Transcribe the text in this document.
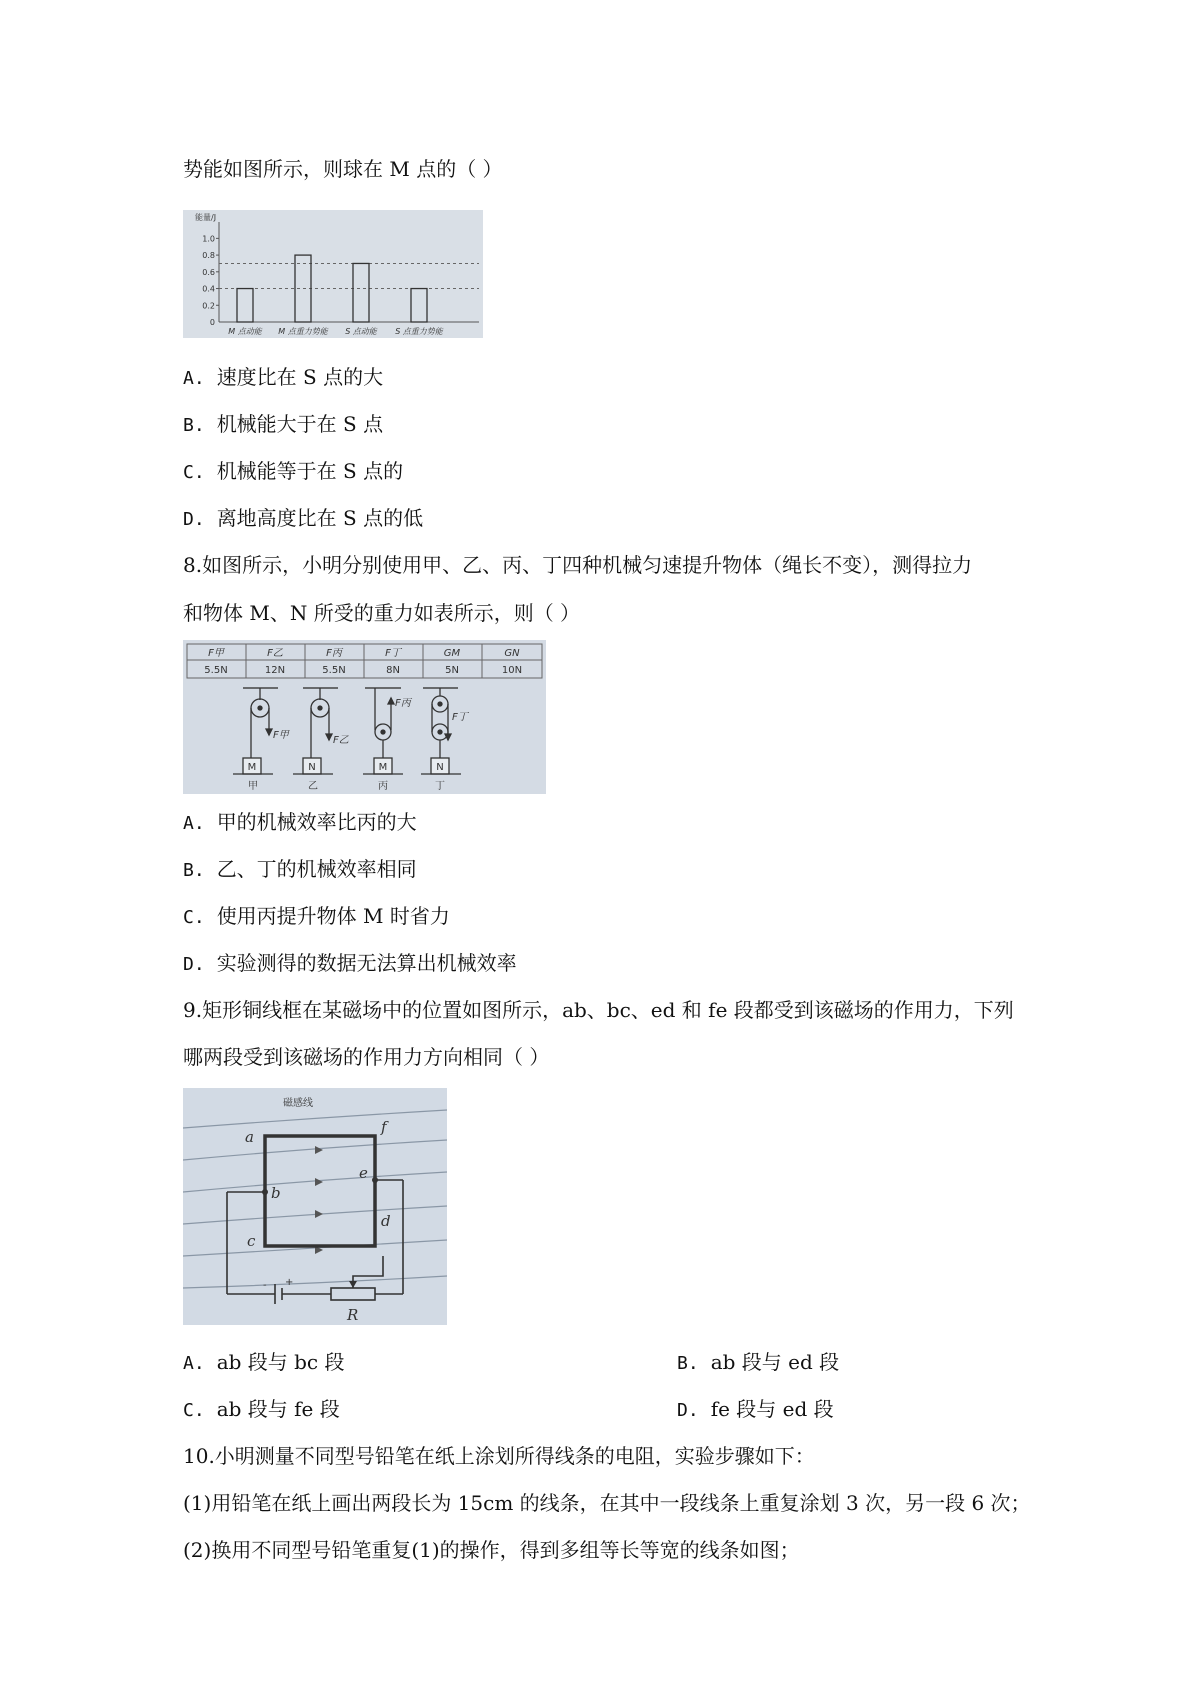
势能如图所示，则球在 M 点的（ ）
能量/J
1.0
0.8
0.6
0.4
0.2
0
M 点动能 M 点重力势能 S 点动能 S 点重力势能
A. 速度比在 S 点的大
B. 机械能大于在 S 点
C. 机械能等于在 S 点的
D. 离地高度比在 S 点的低
8.如图所示，小明分别使用甲、乙、丙、丁四种机械匀速提升物体（绳长不变），测得拉力
和物体 M、N 所受的重力如表所示，则（ ）
F甲	F乙	F丙	F丁	GM	GN
5.5N	12N	5.5N	8N	5N	10N
F甲	F乙
F丙
F丁
M	N	M	N
甲	乙	丙	丁
A. 甲的机械效率比丙的大
B. 乙、丁的机械效率相同
C. 使用丙提升物体 M 时省力
D. 实验测得的数据无法算出机械效率
9.矩形铜线框在某磁场中的位置如图所示，ab、bc、ed 和 fe 段都受到该磁场的作用力，下列
哪两段受到该磁场的作用力方向相同（ ）
磁感线
a
b
c
d
e
f
R
+
-
A. ab 段与 bc 段	B. ab 段与 ed 段
C. ab 段与 fe 段	D. fe 段与 ed 段
10.小明测量不同型号铅笔在纸上涂划所得线条的电阻，实验步骤如下：
(1)用铅笔在纸上画出两段长为 15cm 的线条，在其中一段线条上重复涂划 3 次，另一段 6 次；
(2)换用不同型号铅笔重复(1)的操作，得到多组等长等宽的线条如图；
